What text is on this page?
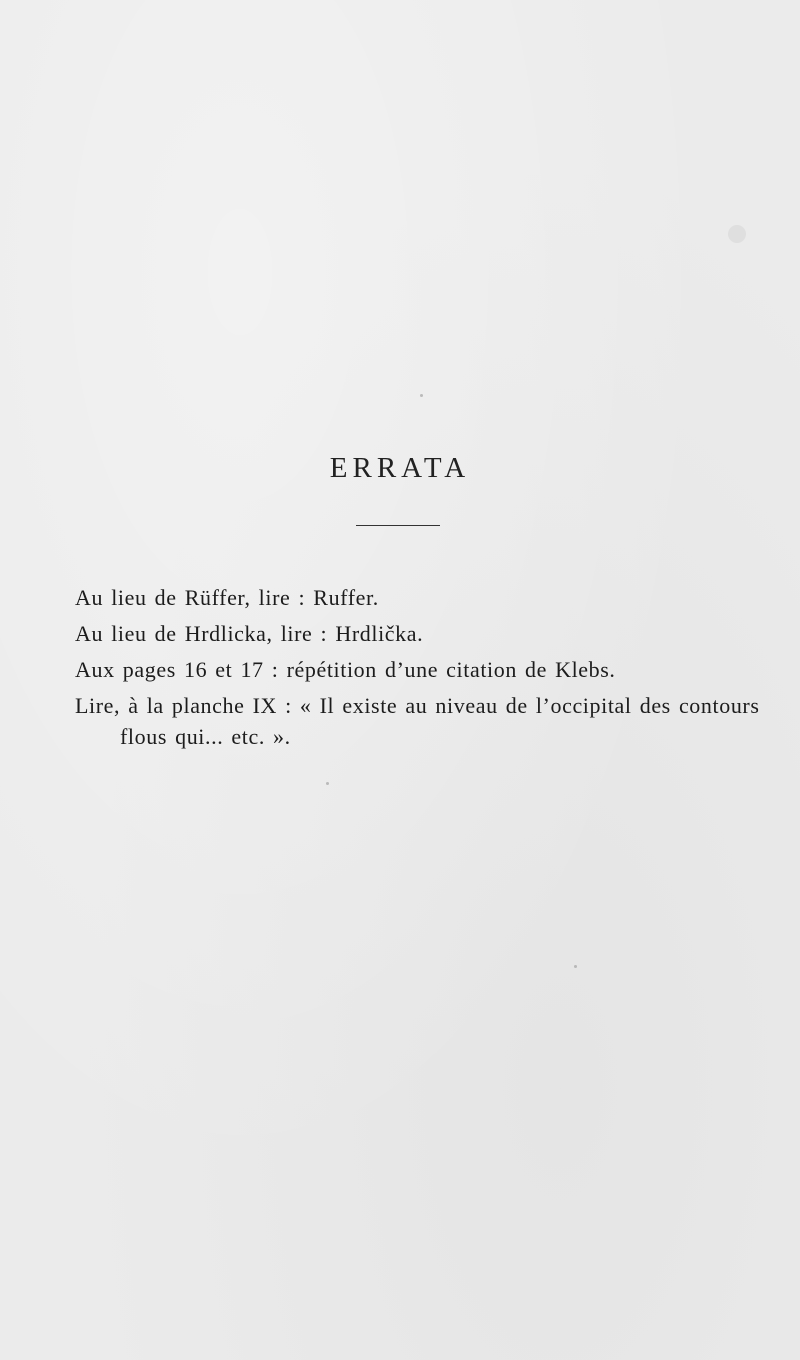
ERRATA
Au lieu de Rüffer, lire : Ruffer.
Au lieu de Hrdlicka, lire : Hrdlička.
Aux pages 16 et 17 : répétition d’une citation de Klebs.
Lire, à la planche IX : « Il existe au niveau de l’occipital des contours flous qui... etc. ».
